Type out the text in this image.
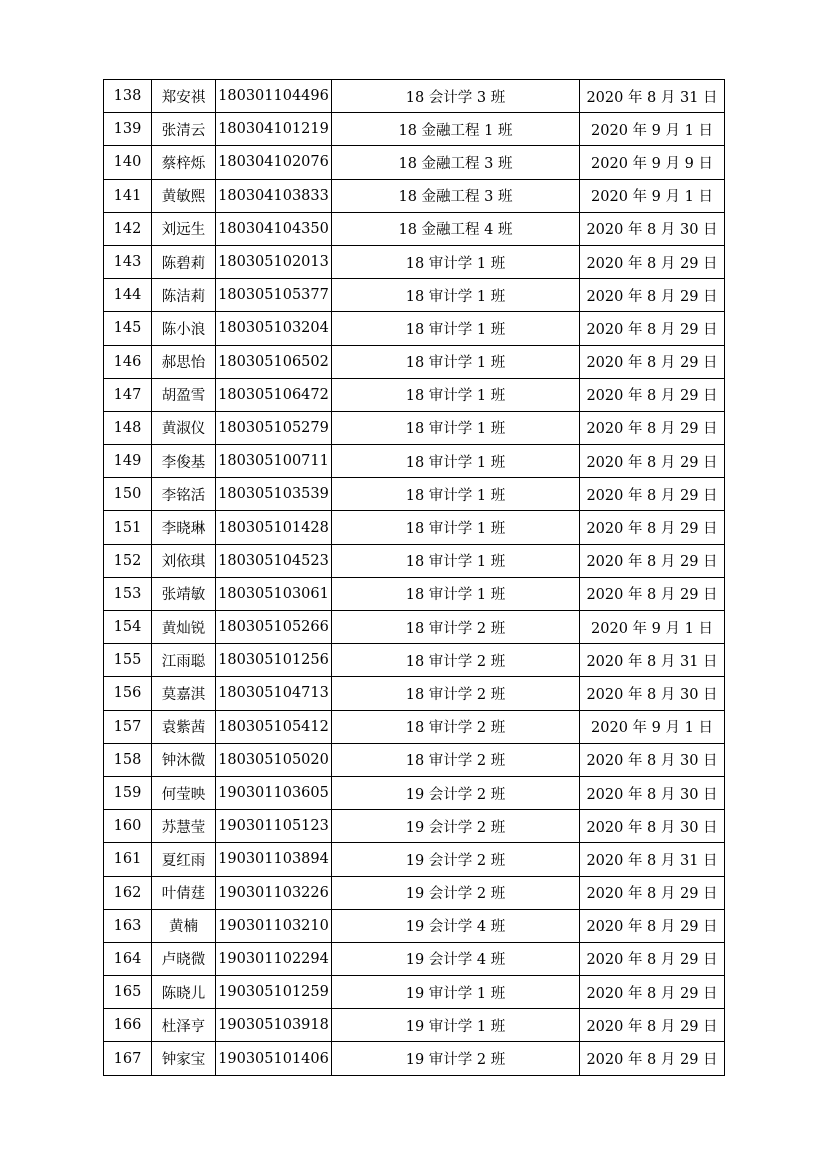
138	郑安祺	180301104496	18 会计学 3 班	2020 年 8 月 31 日
139	张清云	180304101219	18 金融工程 1 班	2020 年 9 月 1 日
140	蔡梓烁	180304102076	18 金融工程 3 班	2020 年 9 月 9 日
141	黄敏熙	180304103833	18 金融工程 3 班	2020 年 9 月 1 日
142	刘远生	180304104350	18 金融工程 4 班	2020 年 8 月 30 日
143	陈碧莉	180305102013	18 审计学 1 班	2020 年 8 月 29 日
144	陈洁莉	180305105377	18 审计学 1 班	2020 年 8 月 29 日
145	陈小浪	180305103204	18 审计学 1 班	2020 年 8 月 29 日
146	郝思怡	180305106502	18 审计学 1 班	2020 年 8 月 29 日
147	胡盈雪	180305106472	18 审计学 1 班	2020 年 8 月 29 日
148	黄淑仪	180305105279	18 审计学 1 班	2020 年 8 月 29 日
149	李俊基	180305100711	18 审计学 1 班	2020 年 8 月 29 日
150	李铭活	180305103539	18 审计学 1 班	2020 年 8 月 29 日
151	李晓琳	180305101428	18 审计学 1 班	2020 年 8 月 29 日
152	刘依琪	180305104523	18 审计学 1 班	2020 年 8 月 29 日
153	张靖敏	180305103061	18 审计学 1 班	2020 年 8 月 29 日
154	黄灿锐	180305105266	18 审计学 2 班	2020 年 9 月 1 日
155	江雨聪	180305101256	18 审计学 2 班	2020 年 8 月 31 日
156	莫嘉淇	180305104713	18 审计学 2 班	2020 年 8 月 30 日
157	袁紫茜	180305105412	18 审计学 2 班	2020 年 9 月 1 日
158	钟沐微	180305105020	18 审计学 2 班	2020 年 8 月 30 日
159	何莹映	190301103605	19 会计学 2 班	2020 年 8 月 30 日
160	苏慧莹	190301105123	19 会计学 2 班	2020 年 8 月 30 日
161	夏红雨	190301103894	19 会计学 2 班	2020 年 8 月 31 日
162	叶倩莛	190301103226	19 会计学 2 班	2020 年 8 月 29 日
163	黄楠	190301103210	19 会计学 4 班	2020 年 8 月 29 日
164	卢晓微	190301102294	19 会计学 4 班	2020 年 8 月 29 日
165	陈晓儿	190305101259	19 审计学 1 班	2020 年 8 月 29 日
166	杜泽亨	190305103918	19 审计学 1 班	2020 年 8 月 29 日
167	钟家宝	190305101406	19 审计学 2 班	2020 年 8 月 29 日
